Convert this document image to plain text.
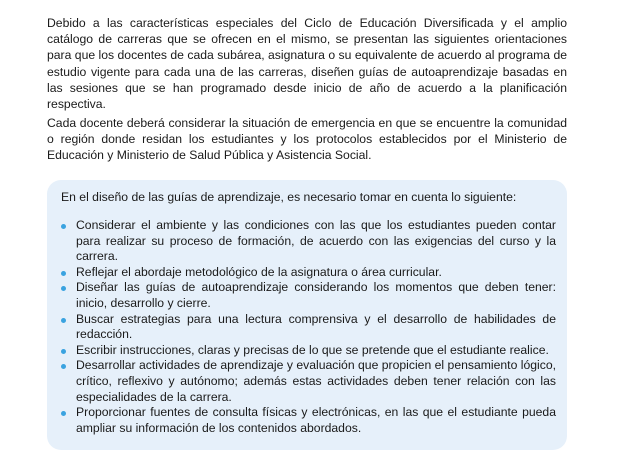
Debido a las características especiales del Ciclo de Educación Diversificada y el amplio catálogo de carreras que se ofrecen en el mismo, se presentan las siguientes orientaciones para que los docentes de cada subárea, asignatura o su equivalente de acuerdo al programa de estudio vigente para cada una de las carreras, diseñen guías de autoaprendizaje basadas en las sesiones que se han programado desde inicio de año de acuerdo a la planificación respectiva.

Cada docente deberá considerar la situación de emergencia en que se encuentre la comunidad o región donde residan los estudiantes y los protocolos establecidos por el Ministerio de Educación y Ministerio de Salud Pública y Asistencia Social.

En el diseño de las guías de aprendizaje, es necesario tomar en cuenta lo siguiente:

Considerar el ambiente y las condiciones con las que los estudiantes pueden contar para realizar su proceso de formación, de acuerdo con las exigencias del curso y la carrera.
Reflejar el abordaje metodológico de la asignatura o área curricular.
Diseñar las guías de autoaprendizaje considerando los momentos que deben tener: inicio, desarrollo y cierre.
Buscar estrategias para una lectura comprensiva y el desarrollo de habilidades de redacción.
Escribir instrucciones, claras y precisas de lo que se pretende que el estudiante realice.
Desarrollar actividades de aprendizaje y evaluación que propicien el pensamiento lógico, crítico, reflexivo y autónomo; además estas actividades deben tener relación con las especialidades de la carrera.
Proporcionar fuentes de consulta físicas y electrónicas, en las que el estudiante pueda ampliar su información de los contenidos abordados.
